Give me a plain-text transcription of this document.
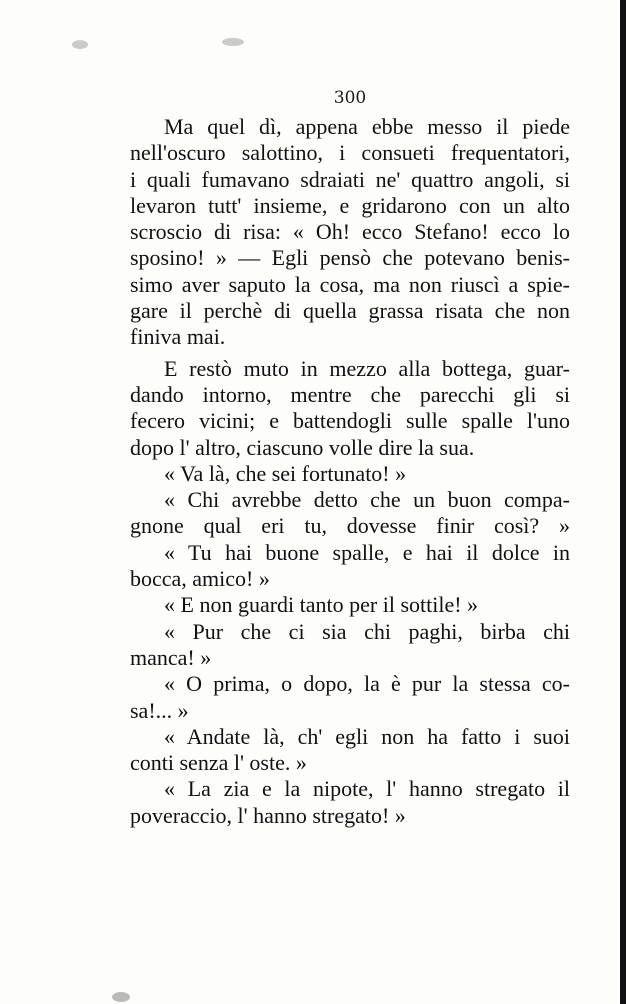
300
Ma quel dì, appena ebbe messo il piede
nell'oscuro salottino, i consueti frequentatori,
i quali fumavano sdraiati ne' quattro angoli, si
levaron tutt' insieme, e gridarono con un alto
scroscio di risa: « Oh! ecco Stefano! ecco lo
sposino! » — Egli pensò che potevano benis-
simo aver saputo la cosa, ma non riuscì a spie-
gare il perchè di quella grassa risata che non
finiva mai.
E restò muto in mezzo alla bottega, guar-
dando intorno, mentre che parecchi gli si
fecero vicini; e battendogli sulle spalle l'uno
dopo l' altro, ciascuno volle dire la sua.
« Va là, che sei fortunato! »
« Chi avrebbe detto che un buon compa-
gnone qual eri tu, dovesse finir così? »
« Tu hai buone spalle, e hai il dolce in
bocca, amico! »
« E non guardi tanto per il sottile! »
« Pur che ci sia chi paghi, birba chi
manca! »
« O prima, o dopo, la è pur la stessa co-
sa!... »
« Andate là, ch' egli non ha fatto i suoi
conti senza l' oste. »
« La zia e la nipote, l' hanno stregato il
poveraccio, l' hanno stregato! »
